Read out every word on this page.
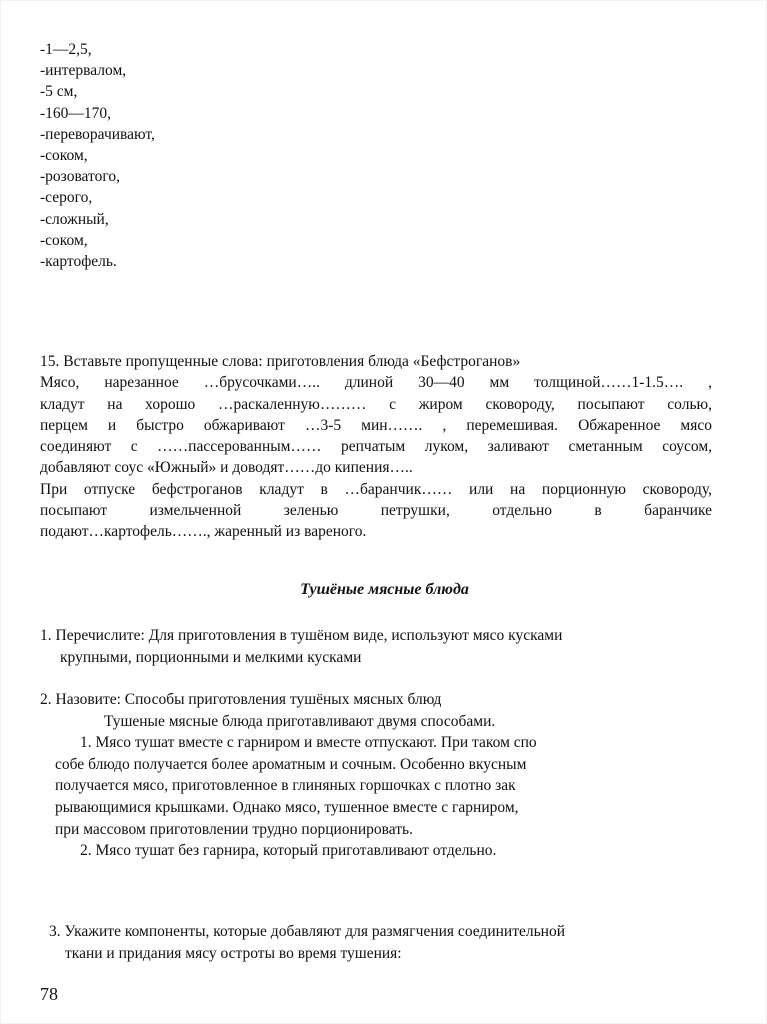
-1—2,5,
-интервалом,
-5 см,
-160—170,
-переворачивают,
-соком,
-розоватого,
-серого,
-сложный,
-соком,
-картофель.
15. Вставьте пропущенные слова: приготовления блюда «Бефстроганов»
Мясо, нарезанное …брусочками….. длиной 30—40 мм толщиной……1-1.5…. ,
кладут на хорошо …раскаленную……… с жиром сковороду, посыпают солью,
перцем и быстро обжаривают …3-5 мин……. , перемешивая. Обжаренное мясо
соединяют с ……пассерованным…… репчатым луком, заливают сметанным соусом,
добавляют соус «Южный» и доводят……до кипения…..
При отпуске бефстроганов кладут в …баранчик…… или на порционную сковороду,
посыпают измельченной зеленью петрушки, отдельно в баранчике
подают…картофель……., жаренный из вареного.
Тушёные мясные блюда
1. Перечислите: Для приготовления в тушёном виде, используют мясо кусками
крупными, порционными и мелкими кусками
2. Назовите: Способы приготовления тушёных мясных блюд
Тушеные мясные блюда приготавливают двумя способами.
1. Мясо тушат вместе с гарниром и вместе отпускают. При таком спо
собе блюдо получается более ароматным и сочным. Особенно вкусным
получается мясо, приготовленное в глиняных горшочках с плотно зак
рывающимися крышками. Однако мясо, тушенное вместе с гарниром,
при массовом приготовлении трудно порционировать.
2. Мясо тушат без гарнира, который приготавливают отдельно.
3. Укажите компоненты, которые добавляют для размягчения соединительной
ткани и придания мясу остроты во время тушения:
78
